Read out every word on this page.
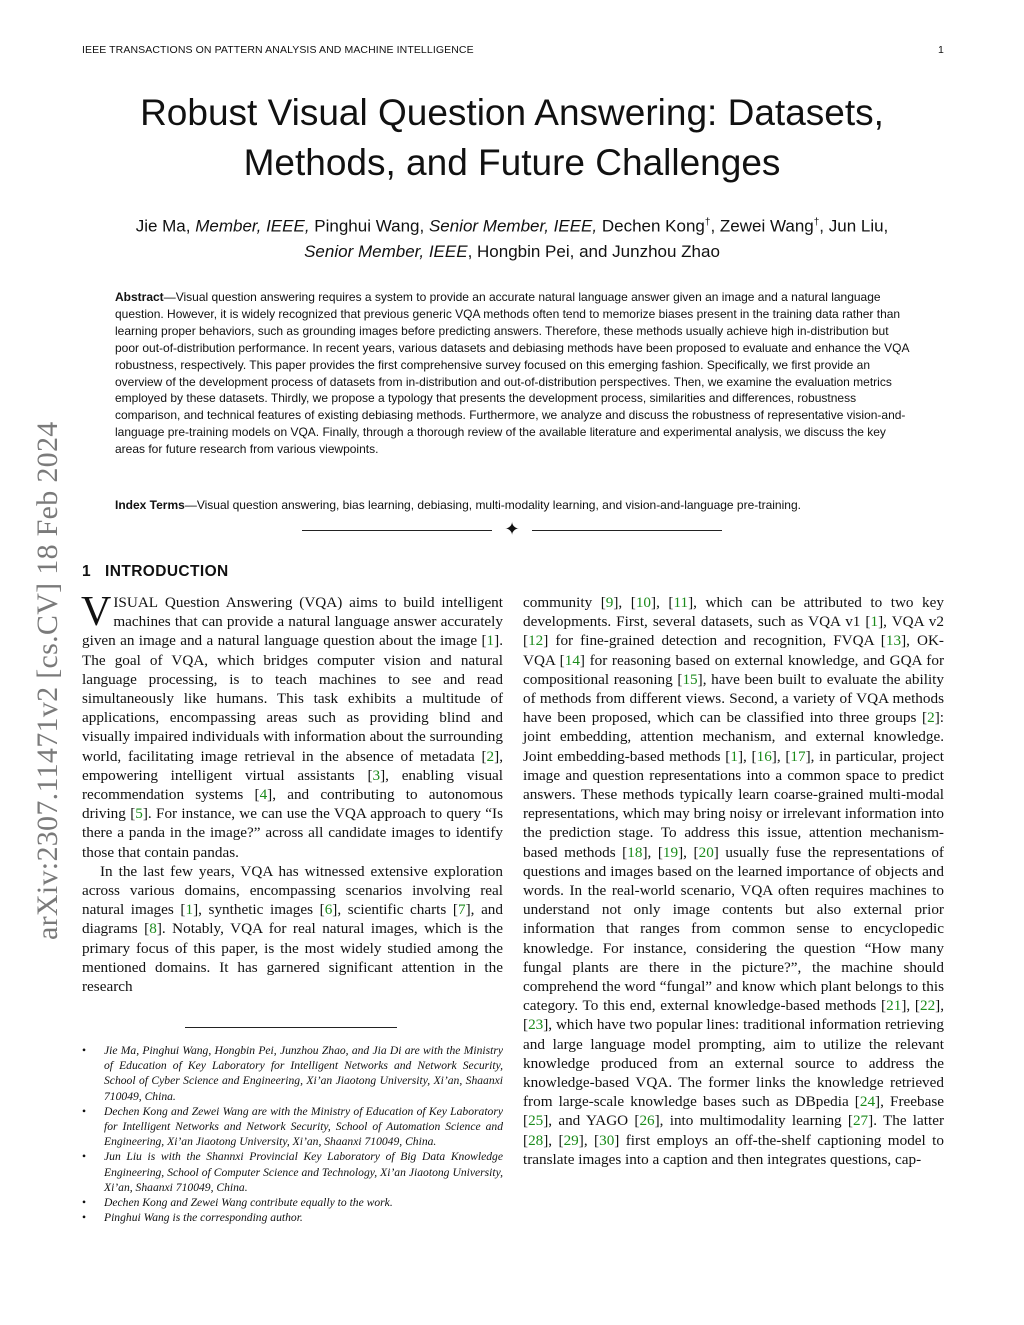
IEEE TRANSACTIONS ON PATTERN ANALYSIS AND MACHINE INTELLIGENCE	1
Robust Visual Question Answering: Datasets,
Methods, and Future Challenges
Jie Ma, Member, IEEE, Pinghui Wang, Senior Member, IEEE, Dechen Kong†, Zewei Wang†, Jun Liu,
Senior Member, IEEE, Hongbin Pei, and Junzhou Zhao

Abstract—Visual question answering requires a system to provide an accurate natural language answer given an image and a natural language question. However, it is widely recognized that previous generic VQA methods often tend to memorize biases present in the training data rather than learning proper behaviors, such as grounding images before predicting answers. Therefore, these methods usually achieve high in-distribution but poor out-of-distribution performance. In recent years, various datasets and debiasing methods have been proposed to evaluate and enhance the VQA robustness, respectively. This paper provides the first comprehensive survey focused on this emerging fashion. Specifically, we first provide an overview of the development process of datasets from in-distribution and out-of-distribution perspectives. Then, we examine the evaluation metrics employed by these datasets. Thirdly, we propose a typology that presents the development process, similarities and differences, robustness comparison, and technical features of existing debiasing methods. Furthermore, we analyze and discuss the robustness of representative vision-and-language pre-training models on VQA. Finally, through a thorough review of the available literature and experimental analysis, we discuss the key areas for future research from various viewpoints.

Index Terms—Visual question answering, bias learning, debiasing, multi-modality learning, and vision-and-language pre-training.

✦
arXiv:2307.11471v2 [cs.CV] 18 Feb 2024 1 INTRODUCTION

VISUAL Question Answering (VQA) aims to build intelligent machines that can provide a natural language answer accurately given an image and a natural language question about the image [1]. The goal of VQA, which bridges computer vision and natural language processing, is to teach machines to see and read simultaneously like humans. This task exhibits a multitude of applications, encompassing areas such as providing blind and visually impaired individuals with information about the surrounding world, facilitating image retrieval in the absence of metadata [2], empowering intelligent virtual assistants [3], enabling visual recommendation systems [4], and contributing to autonomous driving [5]. For instance, we can use the VQA approach to query “Is there a panda in the image?” across all candidate images to identify those that contain pandas.

In the last few years, VQA has witnessed extensive exploration across various domains, encompassing scenarios involving real natural images [1], synthetic images [6], scientific charts [7], and diagrams [8]. Notably, VQA for real natural images, which is the primary focus of this paper, is the most widely studied among the mentioned domains. It has garnered significant attention in the research

• Jie Ma, Pinghui Wang, Hongbin Pei, Junzhou Zhao, and Jia Di are with the Ministry of Education of Key Laboratory for Intelligent Networks and Network Security, School of Cyber Science and Engineering, Xi’an Jiaotong University, Xi’an, Shaanxi 710049, China.
• Dechen Kong and Zewei Wang are with the Ministry of Education of Key Laboratory for Intelligent Networks and Network Security, School of Automation Science and Engineering, Xi’an Jiaotong University, Xi’an, Shaanxi 710049, China.
• Jun Liu is with the Shannxi Provincial Key Laboratory of Big Data Knowledge Engineering, School of Computer Science and Technology, Xi’an Jiaotong University, Xi’an, Shaanxi 710049, China.
• Dechen Kong and Zewei Wang contribute equally to the work.
• Pinghui Wang is the corresponding author.

community [9], [10], [11], which can be attributed to two key developments. First, several datasets, such as VQA v1 [1], VQA v2 [12] for fine-grained detection and recognition, FVQA [13], OK-VQA [14] for reasoning based on external knowledge, and GQA for compositional reasoning [15], have been built to evaluate the ability of methods from different views. Second, a variety of VQA methods have been proposed, which can be classified into three groups [2]: joint embedding, attention mechanism, and external knowledge. Joint embedding-based methods [1], [16], [17], in particular, project image and question representations into a common space to predict answers. These methods typically learn coarse-grained multi-modal representations, which may bring noisy or irrelevant information into the prediction stage. To address this issue, attention mechanism-based methods [18], [19], [20] usually fuse the representations of questions and images based on the learned importance of objects and words. In the real-world scenario, VQA often requires machines to understand not only image contents but also external prior information that ranges from common sense to encyclopedic knowledge. For instance, considering the question “How many fungal plants are there in the picture?”, the machine should comprehend the word “fungal” and know which plant belongs to this category. To this end, external knowledge-based methods [21], [22], [23], which have two popular lines: traditional information retrieving and large language model prompting, aim to utilize the relevant knowledge produced from an external source to address the knowledge-based VQA. The former links the knowledge retrieved from large-scale knowledge bases such as DBpedia [24], Freebase [25], and YAGO [26], into multimodality learning [27]. The latter [28], [29], [30] first employs an off-the-shelf captioning model to translate images into a caption and then integrates questions, cap-
